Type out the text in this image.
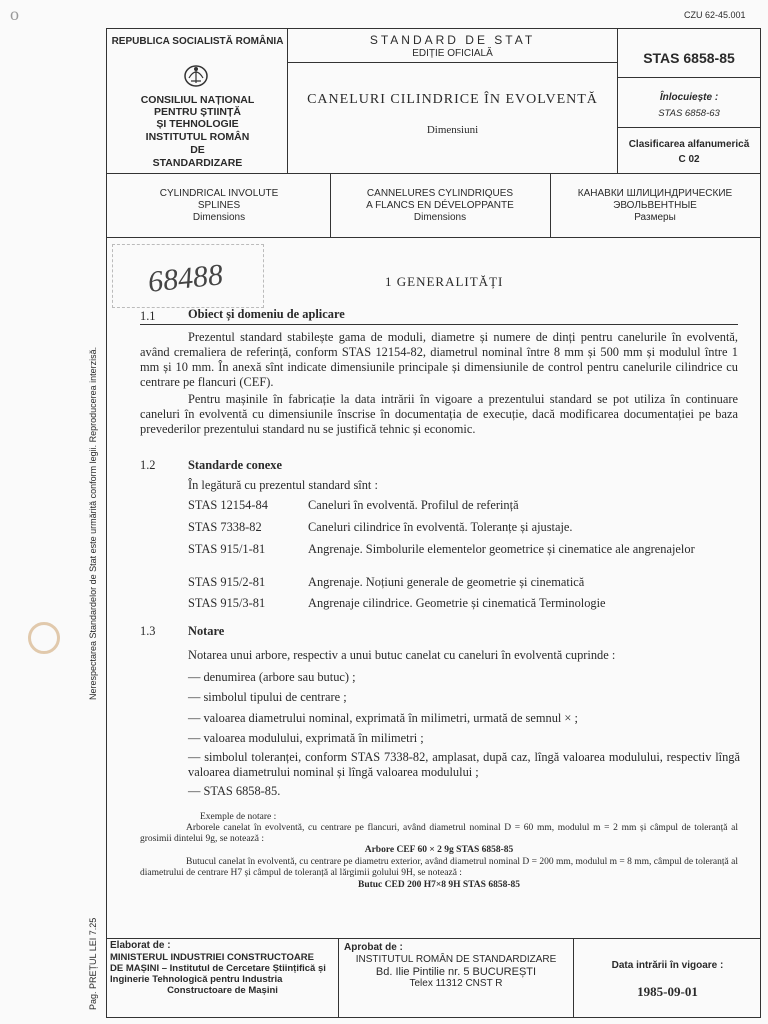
CZU 62-45.001
o
Nerespectarea Standardelor de Stat este urmărită conform legii. Reproducerea interzisă.
Pag. PREȚUL LEI 7.25
REPUBLICA SOCIALISTĂ ROMÂNIA
CONSILIUL NAȚIONAL
PENTRU ȘTIINȚĂ
ȘI TEHNOLOGIE
INSTITUTUL ROMÂN
DE
STANDARDIZARE
STANDARD DE STAT
EDIȚIE OFICIALĂ
CANELURI CILINDRICE ÎN EVOLVENTĂ
Dimensiuni
STAS 6858-85
Înlocuiește :
STAS 6858-63
Clasificarea alfanumerică
C 02
CYLINDRICAL INVOLUTE
SPLINES
Dimensions
CANNELURES CYLINDRIQUES
A FLANCS EN DÉVELOPPANTE
Dimensions
КАНАВКИ ШЛИЦИНДРИЧЕСКИЕ
ЭВОЛЬВЕНТНЫЕ
Размеры
68488	1 GENERALITĂȚI
1.1	Obiect și domeniu de aplicare
Prezentul standard stabilește gama de moduli, diametre și numere de dinți pentru canelurile în evolventă, având cremaliera de referință, conform STAS 12154-82, diametrul nominal între 8 mm și 500 mm și modulul între 1 mm și 10 mm. În anexă sînt indicate dimensiunile principale și dimensiunile de control pentru canelurile cilindrice cu centrare pe flancuri (CEF).
Pentru mașinile în fabricație la data intrării în vigoare a prezentului standard se pot utiliza în continuare caneluri în evolventă cu dimensiunile înscrise în documentația de execuție, dacă modificarea documentației pe baza prevederilor prezentului standard nu se justifică tehnic și economic.
1.2	Standarde conexe
În legătură cu prezentul standard sînt :
STAS 12154-84	Caneluri în evolventă. Profilul de referință
STAS 7338-82	Caneluri cilindrice în evolventă. Toleranțe și ajustaje.
STAS 915/1-81	Angrenaje. Simbolurile elementelor geometrice și cinematice ale angrenajelor
STAS 915/2-81	Angrenaje. Noțiuni generale de geometrie și cinematică
STAS 915/3-81	Angrenaje cilindrice. Geometrie și cinematică Terminologie
1.3	Notare
Notarea unui arbore, respectiv a unui butuc canelat cu caneluri în evolventă cuprinde :
— denumirea (arbore sau butuc) ;
— simbolul tipului de centrare ;
— valoarea diametrului nominal, exprimată în milimetri, urmată de semnul × ;
— valoarea modulului, exprimată în milimetri ;
— simbolul toleranței, conform STAS 7338-82, amplasat, după caz, lîngă valoarea modulului, respectiv lîngă valoarea diametrului nominal și lîngă valoarea modulului ;
— STAS 6858-85.
Exemple de notare :
Arborele canelat în evolventă, cu centrare pe flancuri, având diametrul nominal D = 60 mm, modulul m = 2 mm și câmpul de toleranță al grosimii dintelui 9g, se notează :
Arbore CEF 60 × 2 9g STAS 6858-85
Butucul canelat în evolventă, cu centrare pe diametru exterior, având diametrul nominal D = 200 mm, modulul m = 8 mm, câmpul de toleranță al diametrului de centrare H7 și câmpul de toleranță al lărgimii golului 9H, se notează :
Butuc CED 200 H7×8 9H STAS 6858-85
Elaborat de :
MINISTERUL INDUSTRIEI CONSTRUCTOARE
DE MAȘINI – Institutul de Cercetare Științifică și Inginerie Tehnologică pentru Industria
Constructoare de Mașini
Aprobat de :
INSTITUTUL ROMÂN DE STANDARDIZARE
Bd. Ilie Pintilie nr. 5 BUCUREȘTI
Telex 11312 CNST R
Data intrării în vigoare :
1985-09-01
